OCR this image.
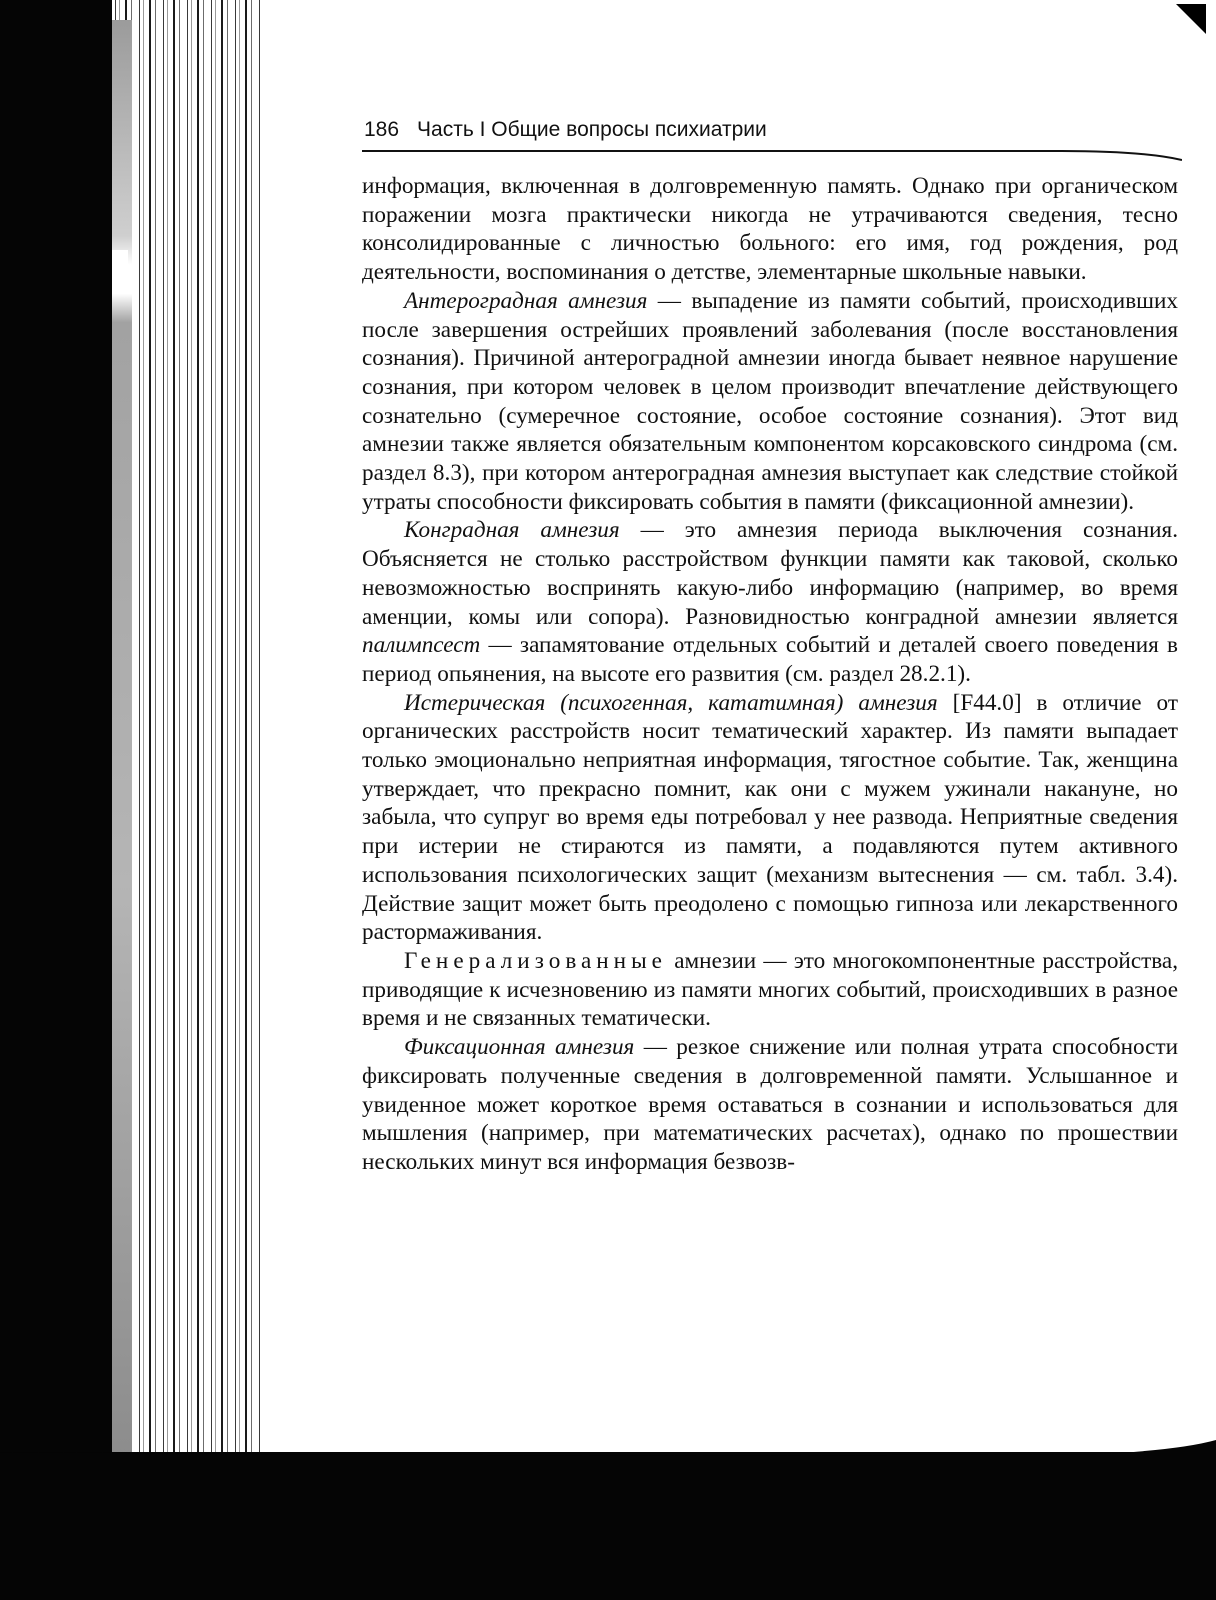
186 Часть I Общие вопросы психиатрии

информация, включенная в долговременную память. Однако при органическом поражении мозга практически никогда не утрачиваются сведения, тесно консолидированные с личностью больного: его имя, год рождения, род деятельности, воспоминания о детстве, элементарные школьные навыки.

Антероградная амнезия — выпадение из памяти событий, происходивших после завершения острейших проявлений заболевания (после восстановления сознания). Причиной антероградной амнезии иногда бывает неявное нарушение сознания, при котором человек в целом производит впечатление действующего сознательно (сумеречное состояние, особое состояние сознания). Этот вид амнезии также является обязательным компонентом корсаковского синдрома (см. раздел 8.3), при котором антероградная амнезия выступает как следствие стойкой утраты способности фиксировать события в памяти (фиксационной амнезии).

Конградная амнезия — это амнезия периода выключения сознания. Объясняется не столько расстройством функции памяти как таковой, сколько невозможностью воспринять какую-либо информацию (например, во время аменции, комы или сопора). Разновидностью конградной амнезии является палимпсест — запамятование отдельных событий и деталей своего поведения в период опьянения, на высоте его развития (см. раздел 28.2.1).

Истерическая (психогенная, кататимная) амнезия [F44.0] в отличие от органических расстройств носит тематический характер. Из памяти выпадает только эмоционально неприятная информация, тягостное событие. Так, женщина утверждает, что прекрасно помнит, как они с мужем ужинали накануне, но забыла, что супруг во время еды потребовал у нее развода. Неприятные сведения при истерии не стираются из памяти, а подавляются путем активного использования психологических защит (механизм вытеснения — см. табл. 3.4). Действие защит может быть преодолено с помощью гипноза или лекарственного растормаживания.

Генерализованные амнезии — это многокомпонентные расстройства, приводящие к исчезновению из памяти многих событий, происходивших в разное время и не связанных тематически.

Фиксационная амнезия — резкое снижение или полная утрата способности фиксировать полученные сведения в долговременной памяти. Услышанное и увиденное может короткое время оставаться в сознании и использоваться для мышления (например, при математических расчетах), однако по прошествии нескольких минут вся информация безвозв-
